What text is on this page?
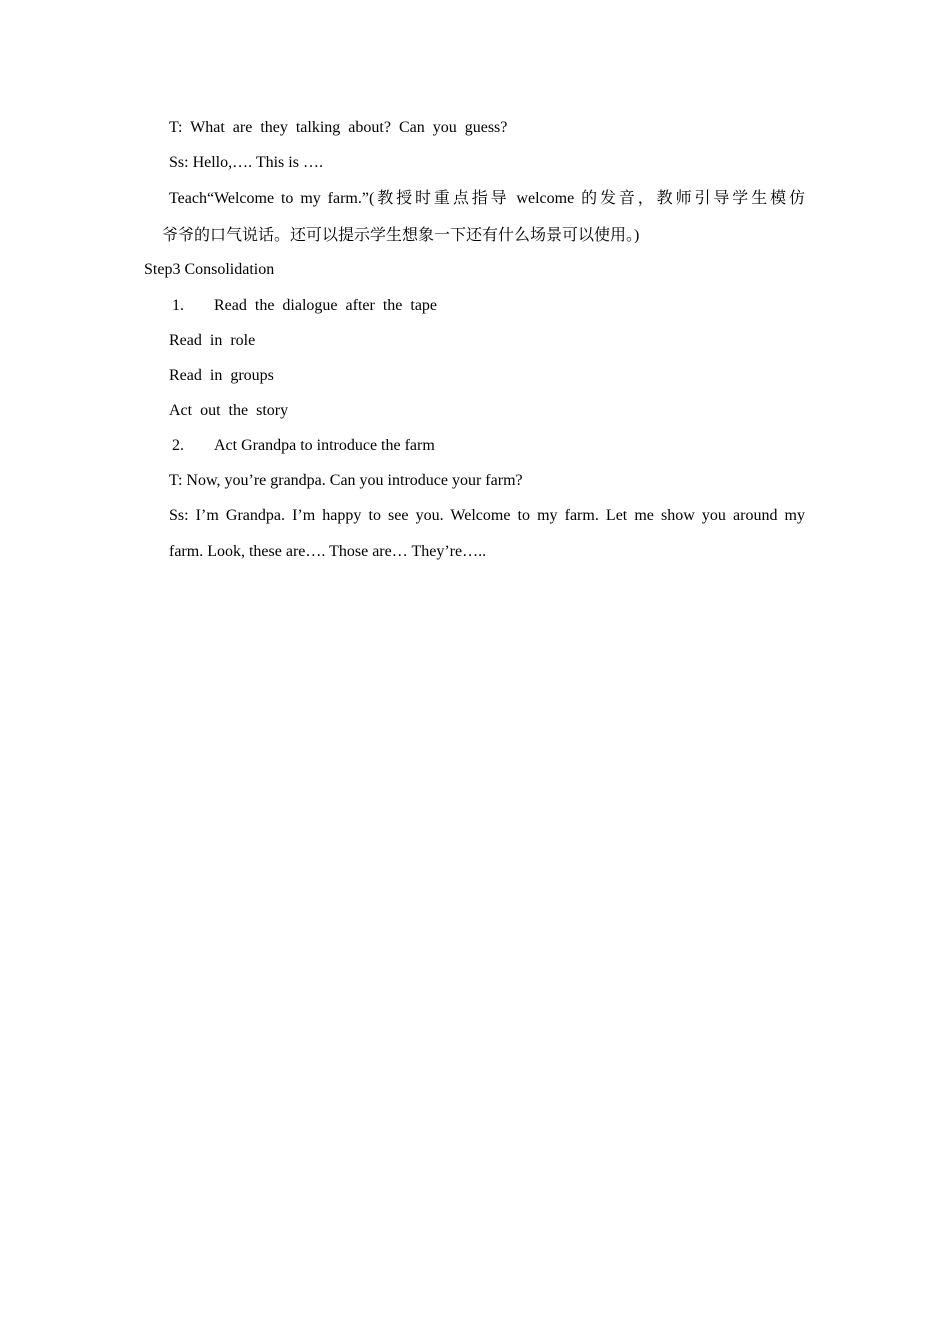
T: What are they talking about? Can you guess?
Ss: Hello,…. This is ….
Teach“Welcome to my farm.”(教授时重点指导 welcome 的发音，教师引导学生模仿
爷爷的口气说话。还可以提示学生想象一下还有什么场景可以使用。)
Step3 Consolidation
1. Read the dialogue after the tape
Read in role
Read in groups
Act out the story
2. Act Grandpa to introduce the farm
T: Now, you’re grandpa. Can you introduce your farm?
Ss: I’m Grandpa. I’m happy to see you. Welcome to my farm. Let me show you around my
farm. Look, these are…. Those are… They’re…..
